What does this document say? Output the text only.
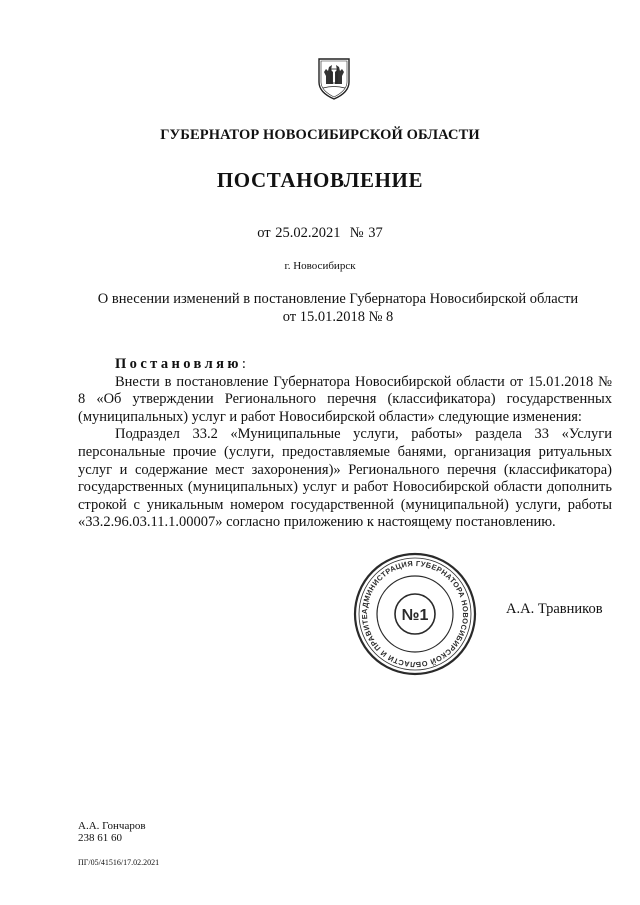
ГУБЕРНАТОР НОВОСИБИРСКОЙ ОБЛАСТИ
ПОСТАНОВЛЕНИЕ
от 25.02.2021  № 37
г. Новосибирск
О внесении изменений в постановление Губернатора Новосибирской области
от 15.01.2018 № 8

Постановляю:

Внести в постановление Губернатора Новосибирской области от 15.01.2018 № 8 «Об утверждении Регионального перечня (классификатора) государственных (муниципальных) услуг и работ Новосибирской области» следующие изменения:

Подраздел 33.2 «Муниципальные услуги, работы» раздела 33 «Услуги персональные прочие (услуги, предоставляемые банями, организация ритуальных услуг и содержание мест захоронения)» Регионального перечня (классификатора) государственных (муниципальных) услуг и работ Новосибирской области дополнить строкой с уникальным номером государственной (муниципальной) услуги, работы «33.2.96.03.11.1.00007» согласно приложению к настоящему постановлению.

АДМИНИСТРАЦИЯ ГУБЕРНАТОРА НОВОСИБИРСКОЙ ОБЛАСТИ И ПРАВИТЕ	№1	А.А. Травников
А.А. Гончаров
238 61 60
ПГ/05/41516/17.02.2021
